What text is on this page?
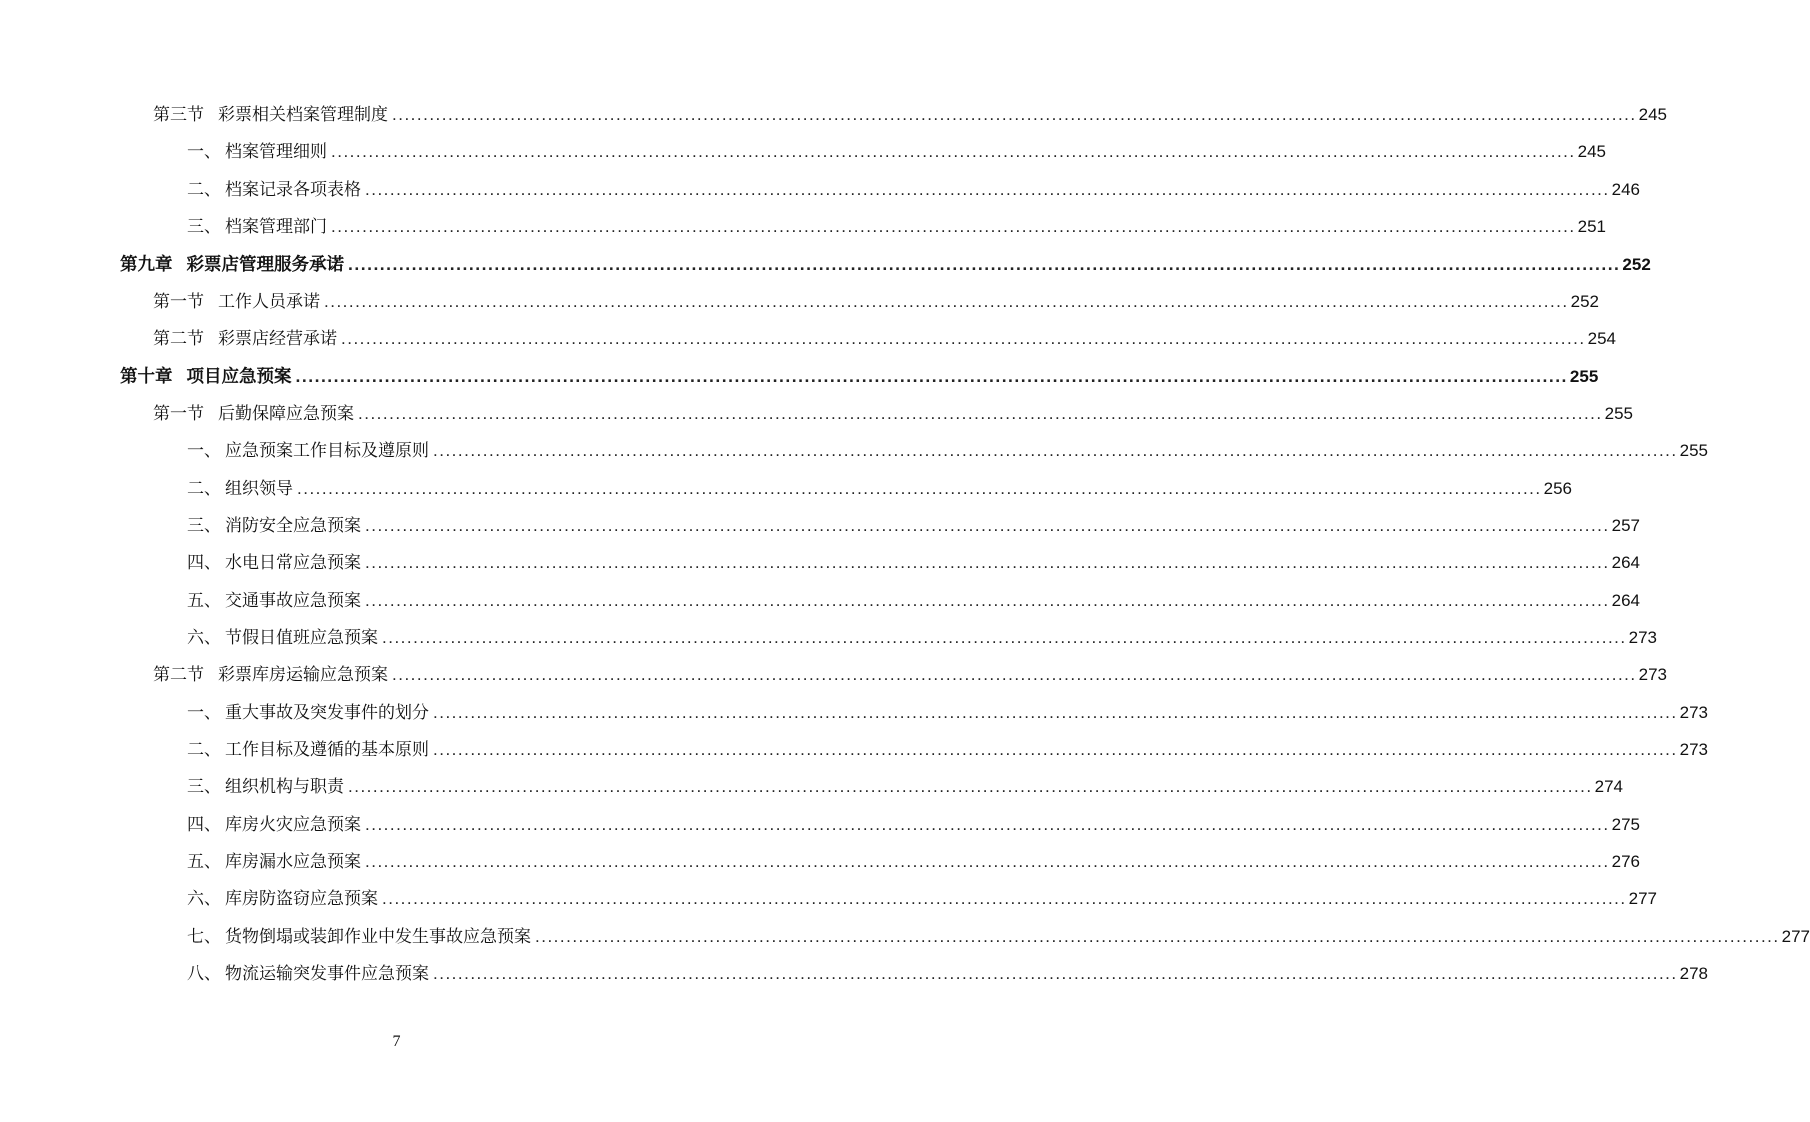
第三节 彩票相关档案管理制度 ........................................................................................................................................................................................................ 245
一、 档案管理细则 ........................................................................................................................................................................................................ 245
二、 档案记录各项表格 ........................................................................................................................................................................................................ 246
三、 档案管理部门 ........................................................................................................................................................................................................ 251
第九章 彩票店管理服务承诺 ........................................................................................................................................................................................................ 252
第一节 工作人员承诺 ........................................................................................................................................................................................................ 252
第二节 彩票店经营承诺 ........................................................................................................................................................................................................ 254
第十章 项目应急预案 ........................................................................................................................................................................................................ 255
第一节 后勤保障应急预案 ........................................................................................................................................................................................................ 255
一、 应急预案工作目标及遵原则 ........................................................................................................................................................................................................ 255
二、 组织领导 ........................................................................................................................................................................................................ 256
三、 消防安全应急预案 ........................................................................................................................................................................................................ 257
四、 水电日常应急预案 ........................................................................................................................................................................................................ 264
五、 交通事故应急预案 ........................................................................................................................................................................................................ 264
六、 节假日值班应急预案 ........................................................................................................................................................................................................ 273
第二节 彩票库房运输应急预案 ........................................................................................................................................................................................................ 273
一、 重大事故及突发事件的划分 ........................................................................................................................................................................................................ 273
二、 工作目标及遵循的基本原则 ........................................................................................................................................................................................................ 273
三、 组织机构与职责 ........................................................................................................................................................................................................ 274
四、 库房火灾应急预案 ........................................................................................................................................................................................................ 275
五、 库房漏水应急预案 ........................................................................................................................................................................................................ 276
六、 库房防盗窃应急预案 ........................................................................................................................................................................................................ 277
七、 货物倒塌或装卸作业中发生事故应急预案 ........................................................................................................................................................................................................ 277
八、 物流运输突发事件应急预案 ........................................................................................................................................................................................................ 278
7
